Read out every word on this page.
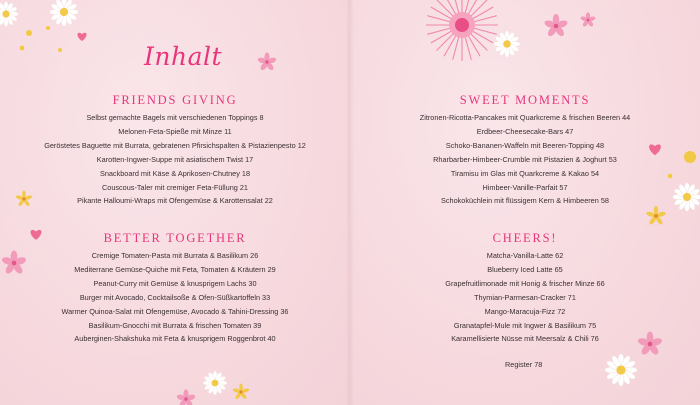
Inhalt
FRIENDS GIVING
Selbst gemachte Bagels mit verschiedenen Toppings 8
Melonen-Feta-Spieße mit Minze 11
Geröstetes Baguette mit Burrata, gebratenen Pfirsichspalten & Pistazienpesto 12
Karotten-Ingwer-Suppe mit asiatischem Twist 17
Snackboard mit Käse & Aprikosen-Chutney 18
Couscous-Taler mit cremiger Feta-Füllung 21
Pikante Halloumi-Wraps mit Ofengemüse & Karottensalat 22
BETTER TOGETHER
Cremige Tomaten-Pasta mit Burrata & Basilikum 26
Mediterrane Gemüse-Quiche mit Feta, Tomaten & Kräutern 29
Peanut-Curry mit Gemüse & knusprigem Lachs 30
Burger mit Avocado, Cocktailsoße & Ofen-Süßkartoffeln 33
Warmer Quinoa-Salat mit Ofengemüse, Avocado & Tahini-Dressing 36
Basilikum-Gnocchi mit Burrata & frischen Tomaten 39
Auberginen-Shakshuka mit Feta & knusprigem Roggenbrot 40
SWEET MOMENTS
Zitronen-Ricotta-Pancakes mit Quarkcreme & frischen Beeren 44
Erdbeer-Cheesecake-Bars 47
Schoko-Bananen-Waffeln mit Beeren-Topping 48
Rharbarber-Himbeer-Crumble mit Pistazien & Joghurt 53
Tiramisu im Glas mit Quarkcreme & Kakao 54
Himbeer-Vanille-Parfait 57
Schokoküchlein mit flüssigem Kern & Himbeeren 58
CHEERS!
Matcha-Vanilla-Latte 62
Blueberry Iced Latte 65
Grapefruitlimonade mit Honig & frischer Minze 66
Thymian-Parmesan-Cracker 71
Mango-Maracuja-Fizz 72
Granatapfel-Mule mit Ingwer & Basilikum 75
Karamellisierte Nüsse mit Meersalz & Chili 76
Register 78
